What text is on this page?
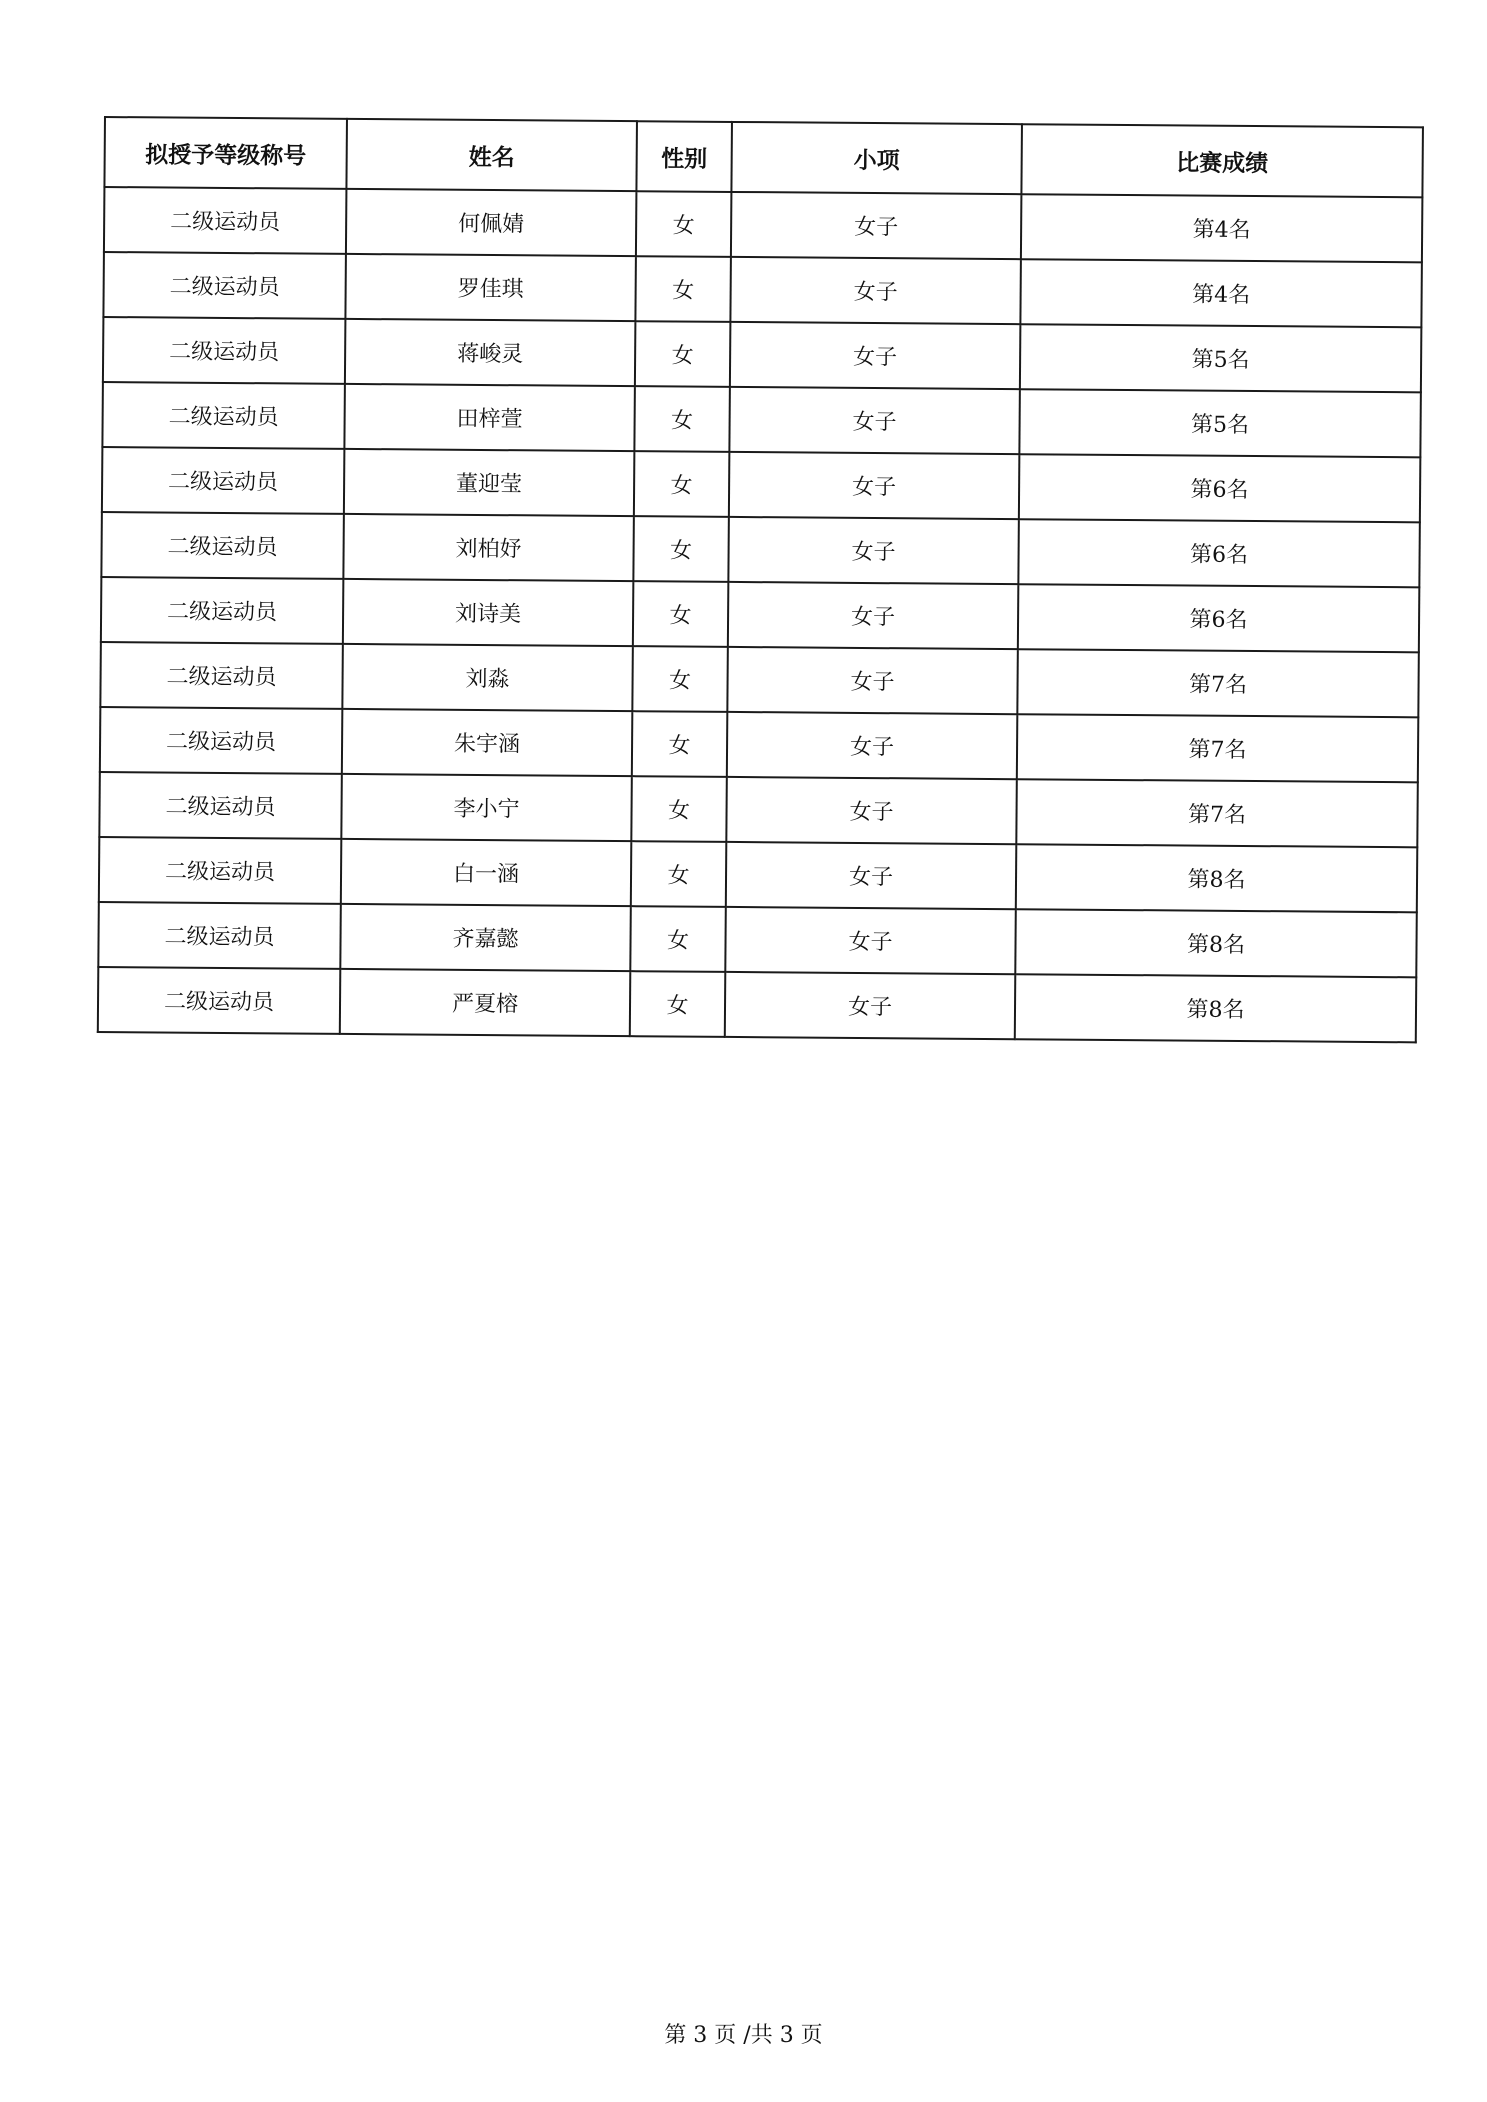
拟授予等级称号	姓名	性别	小项	比赛成绩
二级运动员	何佩婧	女	女子	第4名
二级运动员	罗佳琪	女	女子	第4名
二级运动员	蒋峻灵	女	女子	第5名
二级运动员	田梓萱	女	女子	第5名
二级运动员	董迎莹	女	女子	第6名
二级运动员	刘柏妤	女	女子	第6名
二级运动员	刘诗美	女	女子	第6名
二级运动员	刘淼	女	女子	第7名
二级运动员	朱宇涵	女	女子	第7名
二级运动员	李小宁	女	女子	第7名
二级运动员	白一涵	女	女子	第8名
二级运动员	齐嘉懿	女	女子	第8名
二级运动员	严夏榕	女	女子	第8名
第 3 页 /共 3 页
